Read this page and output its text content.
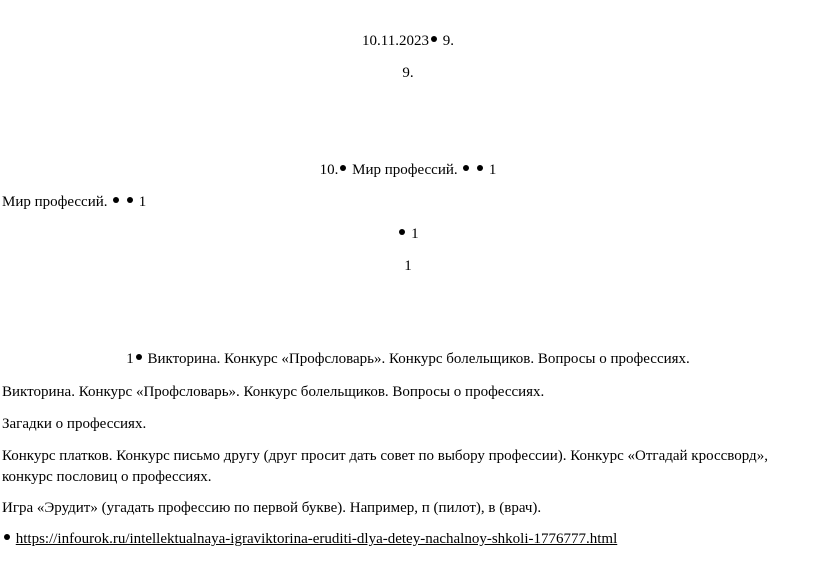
10.11.2023 9.
9.
10. Мир профессий. 1
Мир профессий. 1
1
1
1 Викторина. Конкурс «Профсловарь». Конкурс болельщиков. Вопросы о профессиях.
Викторина. Конкурс «Профсловарь». Конкурс болельщиков. Вопросы о профессиях.
Загадки о профессиях.
Конкурс платков. Конкурс письмо другу (друг просит дать совет по выбору профессии). Конкурс «Отгадай кроссворд», конкурс пословиц о профессиях.
Игра «Эрудит» (угадать профессию по первой букве). Например, п (пилот), в (врач).
https://infourok.ru/intellektualnaya-igraviktorina-eruditi-dlya-detey-nachalnoy-shkoli-1776777.html
